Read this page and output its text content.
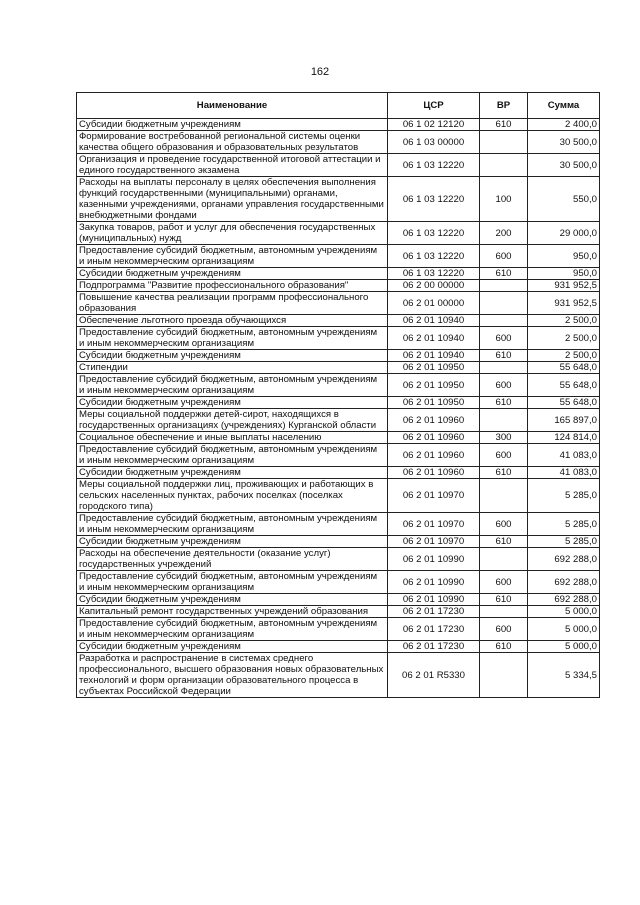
162
Наименование	ЦСР	ВР	Сумма
Субсидии бюджетным учреждениям	06 1 02 12120	610	2 400,0
Формирование востребованной региональной системы оценки качества общего образования и образовательных результатов	06 1 03 00000		30 500,0
Организация и проведение государственной итоговой аттестации и единого государственного экзамена	06 1 03 12220		30 500,0
Расходы на выплаты персоналу в целях обеспечения выполнения функций государственными (муниципальными) органами, казенными учреждениями, органами управления государственными внебюджетными фондами	06 1 03 12220	100	550,0
Закупка товаров, работ и услуг для обеспечения государственных (муниципальных) нужд	06 1 03 12220	200	29 000,0
Предоставление субсидий бюджетным, автономным учреждениям и иным некоммерческим организациям	06 1 03 12220	600	950,0
Субсидии бюджетным учреждениям	06 1 03 12220	610	950,0
Подпрограмма "Развитие профессионального образования"	06 2 00 00000		931 952,5
Повышение качества реализации программ профессионального образования	06 2 01 00000		931 952,5
Обеспечение льготного проезда обучающихся	06 2 01 10940		2 500,0
Предоставление субсидий бюджетным, автономным учреждениям и иным некоммерческим организациям	06 2 01 10940	600	2 500,0
Субсидии бюджетным учреждениям	06 2 01 10940	610	2 500,0
Стипендии	06 2 01 10950		55 648,0
Предоставление субсидий бюджетным, автономным учреждениям и иным некоммерческим организациям	06 2 01 10950	600	55 648,0
Субсидии бюджетным учреждениям	06 2 01 10950	610	55 648,0
Меры социальной поддержки детей-сирот, находящихся в государственных организациях (учреждениях) Курганской области	06 2 01 10960		165 897,0
Социальное обеспечение и иные выплаты населению	06 2 01 10960	300	124 814,0
Предоставление субсидий бюджетным, автономным учреждениям и иным некоммерческим организациям	06 2 01 10960	600	41 083,0
Субсидии бюджетным учреждениям	06 2 01 10960	610	41 083,0
Меры социальной поддержки лиц, проживающих и работающих в сельских населенных пунктах, рабочих поселках (поселках городского типа)	06 2 01 10970		5 285,0
Предоставление субсидий бюджетным, автономным учреждениям и иным некоммерческим организациям	06 2 01 10970	600	5 285,0
Субсидии бюджетным учреждениям	06 2 01 10970	610	5 285,0
Расходы на обеспечение деятельности (оказание услуг) государственных учреждений	06 2 01 10990		692 288,0
Предоставление субсидий бюджетным, автономным учреждениям и иным некоммерческим организациям	06 2 01 10990	600	692 288,0
Субсидии бюджетным учреждениям	06 2 01 10990	610	692 288,0
Капитальный ремонт государственных учреждений образования	06 2 01 17230		5 000,0
Предоставление субсидий бюджетным, автономным учреждениям и иным некоммерческим организациям	06 2 01 17230	600	5 000,0
Субсидии бюджетным учреждениям	06 2 01 17230	610	5 000,0
Разработка и распространение в системах среднего профессионального, высшего образования новых образовательных технологий и форм организации образовательного процесса в субъектах Российской Федерации	06 2 01 R5330		5 334,5
